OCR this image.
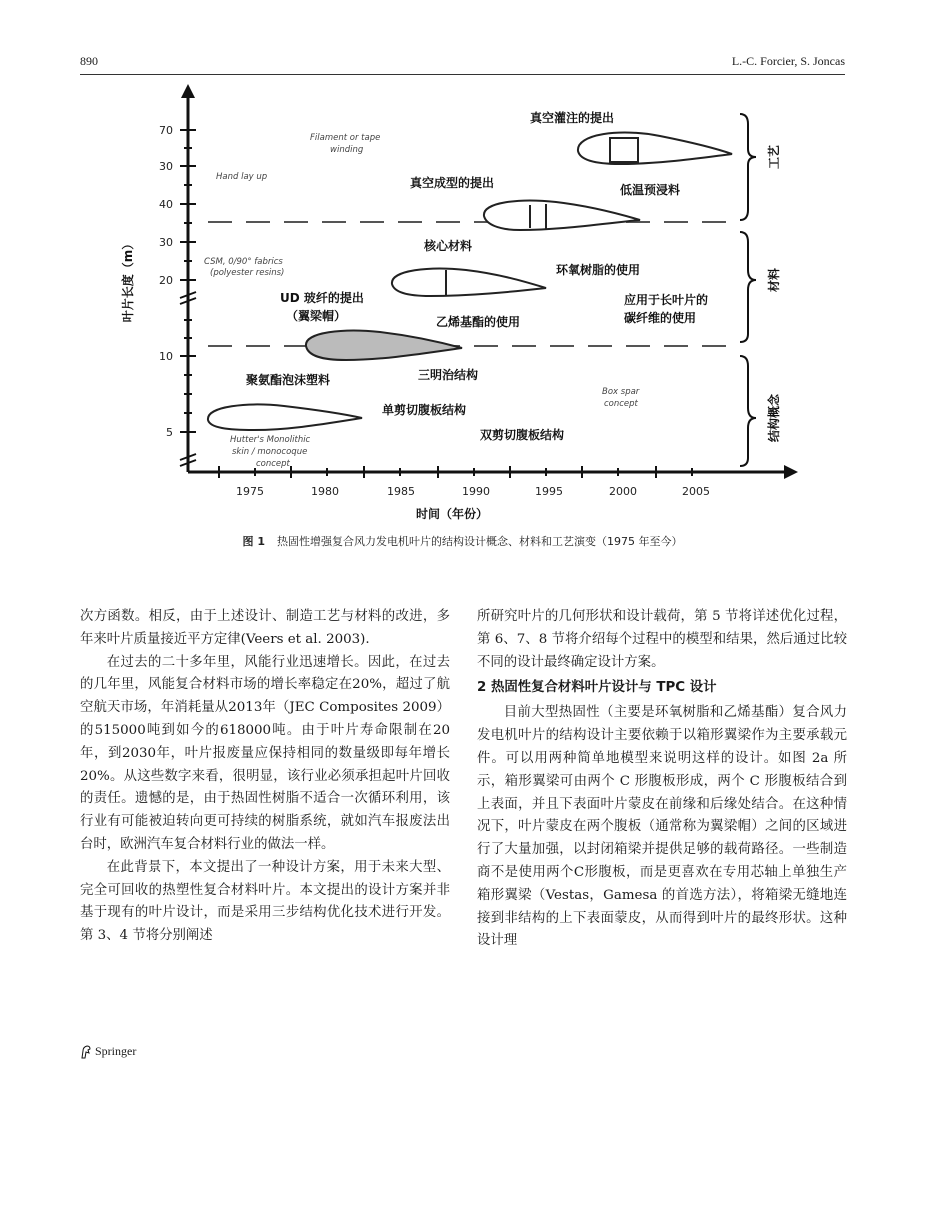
890	L.-C. Forcier, S. Joncas
70
30
40
30
20
10
5
1975	1980	1985	1990	1995	2000	2005
叶片长度（m）
时间（年份）
工艺
材料
结构概念
真空灌注的提出
真空成型的提出	低温预浸料
核心材料
环氧树脂的使用
UD 玻纤的提出
（翼梁帽）
应用于长叶片的
碳纤维的使用
乙烯基酯的使用
聚氨酯泡沫塑料	三明治结构
单剪切腹板结构
双剪切腹板结构
Filament or tape
winding
Hand lay up
CSM, 0/90° fabrics
(polyester resins)
Box spar
concept
Hutter's Monolithic
skin / monocoque
concept
图 1 热固性增强复合风力发电机叶片的结构设计概念、材料和工艺演变（1975 年至今）

次方函数。相反，由于上述设计、制造工艺与材料的改进，多年来叶片质量接近平方定律(Veers et al. 2003).

在过去的二十多年里，风能行业迅速增长。因此，在过去的几年里，风能复合材料市场的增长率稳定在20%，超过了航空航天市场，年消耗量从2013年（JEC Composites 2009）的515000吨到如今的618000吨。由于叶片寿命限制在20年，到2030年，叶片报废量应保持相同的数量级即每年增长 20%。从这些数字来看，很明显，该行业必须承担起叶片回收的责任。遗憾的是，由于热固性树脂不适合一次循环利用，该行业有可能被迫转向更可持续的树脂系统，就如汽车报废法出台时，欧洲汽车复合材料行业的做法一样。

在此背景下，本文提出了一种设计方案，用于未来大型、完全可回收的热塑性复合材料叶片。本文提出的设计方案并非基于现有的叶片设计，而是采用三步结构优化技术进行开发。第 3、4 节将分别阐述

所研究叶片的几何形状和设计载荷，第 5 节将详述优化过程，第 6、7、8 节将介绍每个过程中的模型和结果，然后通过比较不同的设计最终确定设计方案。

2 热固性复合材料叶片设计与 TPC 设计

目前大型热固性（主要是环氧树脂和乙烯基酯）复合风力发电机叶片的结构设计主要依赖于以箱形翼梁作为主要承载元件。可以用两种简单地模型来说明这样的设计。如图 2a 所示，箱形翼梁可由两个 C 形腹板形成，两个 C 形腹板结合到上表面，并且下表面叶片蒙皮在前缘和后缘处结合。在这种情况下，叶片蒙皮在两个腹板（通常称为翼梁帽）之间的区域进行了大量加强，以封闭箱梁并提供足够的载荷路径。一些制造商不是使用两个C形腹板，而是更喜欢在专用芯轴上单独生产箱形翼梁（Vestas，Gamesa 的首选方法），将箱梁无缝地连接到非结构的上下表面蒙皮，从而得到叶片的最终形状。这种设计理

Springer
